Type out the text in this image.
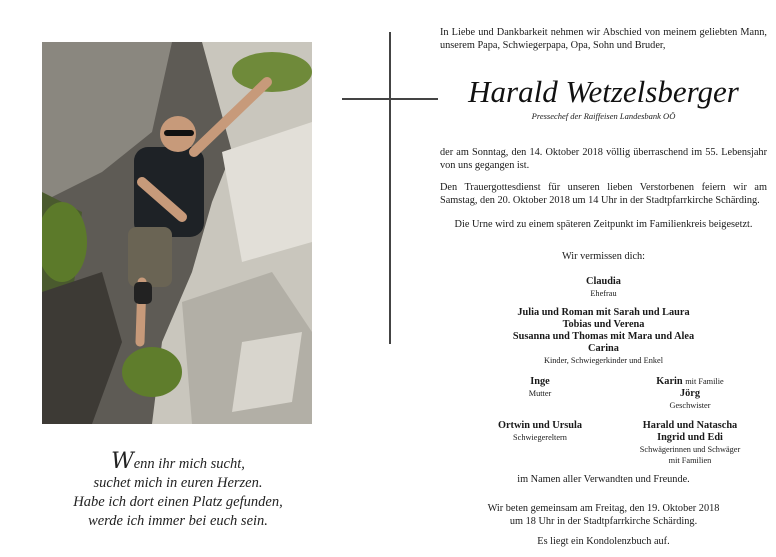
Wenn ihr mich sucht,
suchet mich in euren Herzen.
Habe ich dort einen Platz gefunden,
werde ich immer bei euch sein.
In Liebe und Dankbarkeit nehmen wir Abschied von meinem geliebten Mann, unserem Papa, Schwiegerpapa, Opa, Sohn und Bruder,
Harald Wetzelsberger
Pressechef der Raiffeisen Landesbank OÖ
der am Sonntag, den 14. Oktober 2018 völlig überraschend im 55. Lebensjahr von uns gegangen ist.
Den Trauergottesdienst für unseren lieben Verstorbenen feiern wir am Samstag, den 20. Oktober 2018 um 14 Uhr in der Stadtpfarrkirche Schärding.
Die Urne wird zu einem späteren Zeitpunkt im Familienkreis beigesetzt.
Wir vermissen dich:
Claudia
Ehefrau
Julia und Roman mit Sarah und Laura
Tobias und Verena
Susanna und Thomas mit Mara und Alea
Carina
Kinder, Schwiegerkinder und Enkel
Inge
Mutter
Karin mit Familie
Jörg
Geschwister
Ortwin und Ursula
Schwiegereltern
Harald und Natascha
Ingrid und Edi
Schwägerinnen und Schwäger
mit Familien
im Namen aller Verwandten und Freunde.
Wir beten gemeinsam am Freitag, den 19. Oktober 2018
um 18 Uhr in der Stadtpfarrkirche Schärding.
Es liegt ein Kondolenzbuch auf.
